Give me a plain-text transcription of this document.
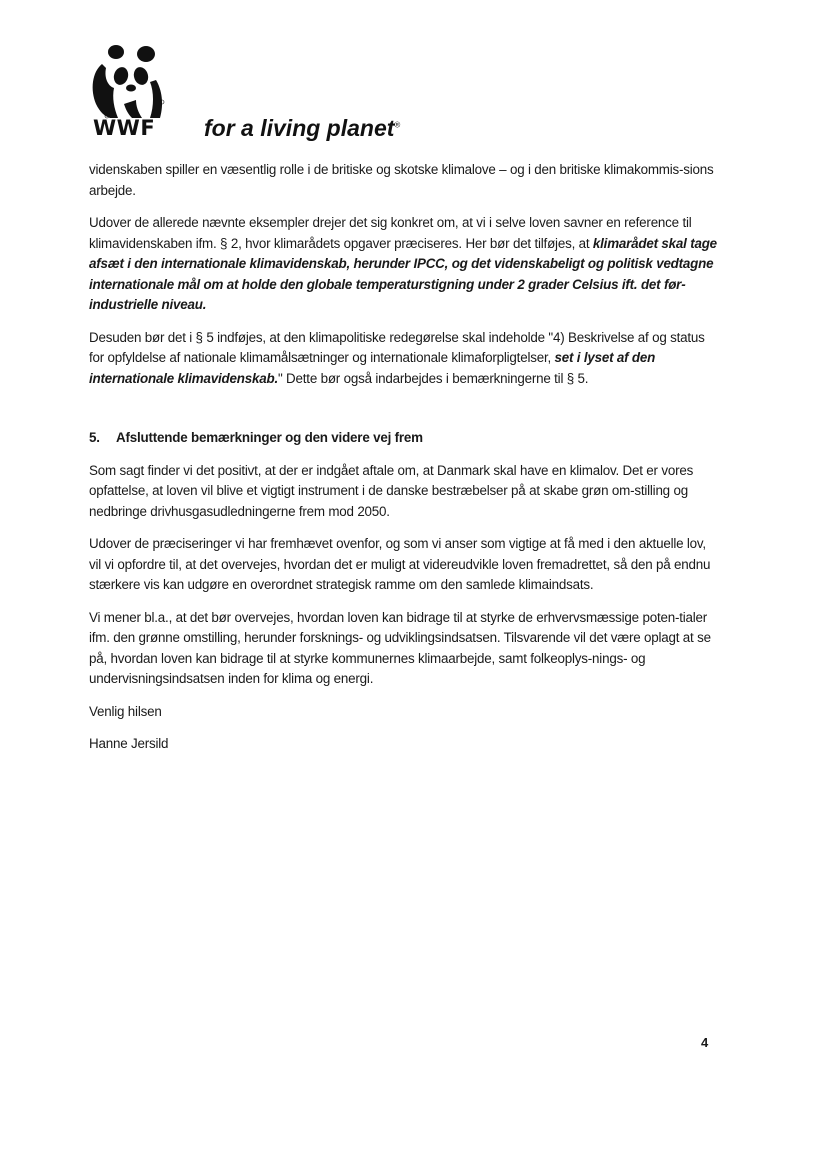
WWF for a living planet®

videnskaben spiller en væsentlig rolle i de britiske og skotske klimalove – og i den britiske klimakommis-sions arbejde.

Udover de allerede nævnte eksempler drejer det sig konkret om, at vi i selve loven savner en reference til klimavidenskaben ifm. § 2, hvor klimarådets opgaver præciseres. Her bør det tilføjes, at klimarådet skal tage afsæt i den internationale klimavidenskab, herunder IPCC, og det videnskabeligt og politisk vedtagne internationale mål om at holde den globale temperaturstigning under 2 grader Celsius ift. det før-industrielle niveau.

Desuden bør det i § 5 indføjes, at den klimapolitiske redegørelse skal indeholde "4) Beskrivelse af og status for opfyldelse af nationale klimamålsætninger og internationale klimaforpligtelser, set i lyset af den internationale klimavidenskab." Dette bør også indarbejdes i bemærkningerne til § 5.

5. Afsluttende bemærkninger og den videre vej frem

Som sagt finder vi det positivt, at der er indgået aftale om, at Danmark skal have en klimalov. Det er vores opfattelse, at loven vil blive et vigtigt instrument i de danske bestræbelser på at skabe grøn om-stilling og nedbringe drivhusgasudledningerne frem mod 2050.

Udover de præciseringer vi har fremhævet ovenfor, og som vi anser som vigtige at få med i den aktuelle lov, vil vi opfordre til, at det overvejes, hvordan det er muligt at videreudvikle loven fremadrettet, så den på endnu stærkere vis kan udgøre en overordnet strategisk ramme om den samlede klimaindsats.

Vi mener bl.a., at det bør overvejes, hvordan loven kan bidrage til at styrke de erhvervsmæssige poten-tialer ifm. den grønne omstilling, herunder forsknings- og udviklingsindsatsen. Tilsvarende vil det være oplagt at se på, hvordan loven kan bidrage til at styrke kommunernes klimaarbejde, samt folkeoplys-nings- og undervisningsindsatsen inden for klima og energi.

Venlig hilsen

Hanne Jersild

4
